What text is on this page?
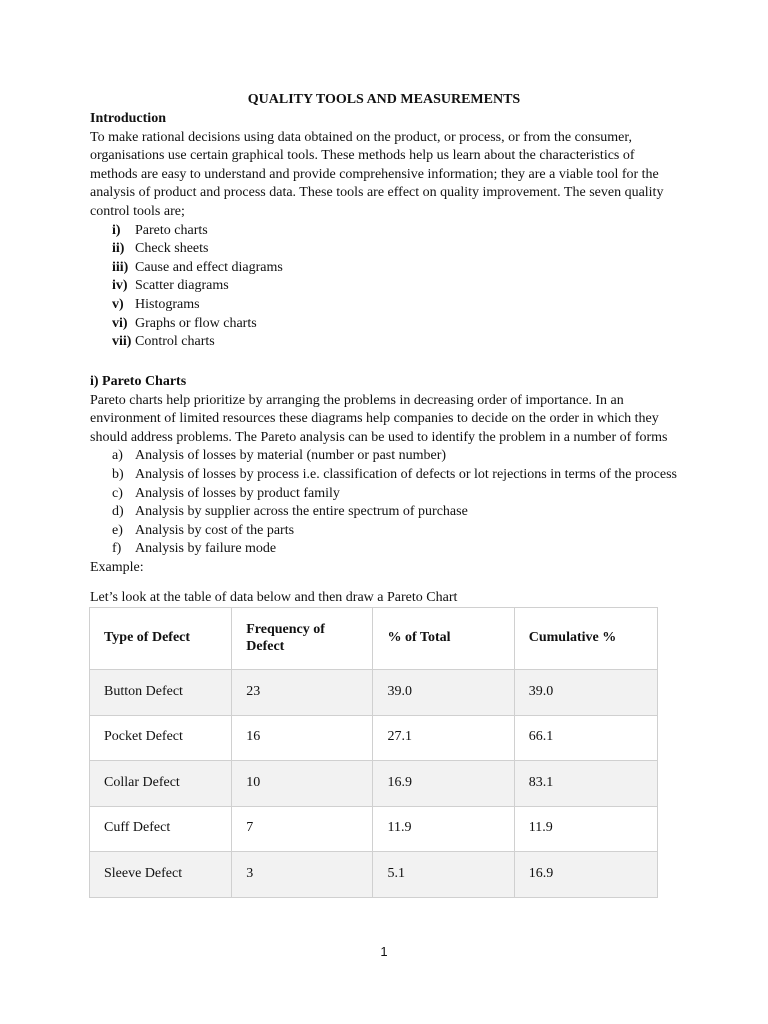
QUALITY TOOLS AND MEASUREMENTS
Introduction

To make rational decisions using data obtained on the product, or process, or from the consumer, organisations use certain graphical tools. These methods help us learn about the characteristics of methods are easy to understand and provide comprehensive information; they are a viable tool for the analysis of product and process data. These tools are effect on quality improvement. The seven quality control tools are;

i) Pareto charts
ii) Check sheets
iii) Cause and effect diagrams
iv) Scatter diagrams
v) Histograms
vi) Graphs or flow charts
vii) Control charts
i) Pareto Charts

Pareto charts help prioritize by arranging the problems in decreasing order of importance. In an environment of limited resources these diagrams help companies to decide on the order in which they should address problems. The Pareto analysis can be used to identify the problem in a number of forms

a) Analysis of losses by material (number or past number)
b) Analysis of losses by process i.e. classification of defects or lot rejections in terms of the process
c) Analysis of losses by product family
d) Analysis by supplier across the entire spectrum of purchase
e) Analysis by cost of the parts
f) Analysis by failure mode
Example:
Let’s look at the table of data below and then draw a Pareto Chart
Type of Defect	Frequency of Defect	% of Total	Cumulative %
Button Defect	23	39.0	39.0
Pocket Defect	16	27.1	66.1
Collar Defect	10	16.9	83.1
Cuff Defect	7	11.9	11.9
Sleeve Defect	3	5.1	16.9
1
